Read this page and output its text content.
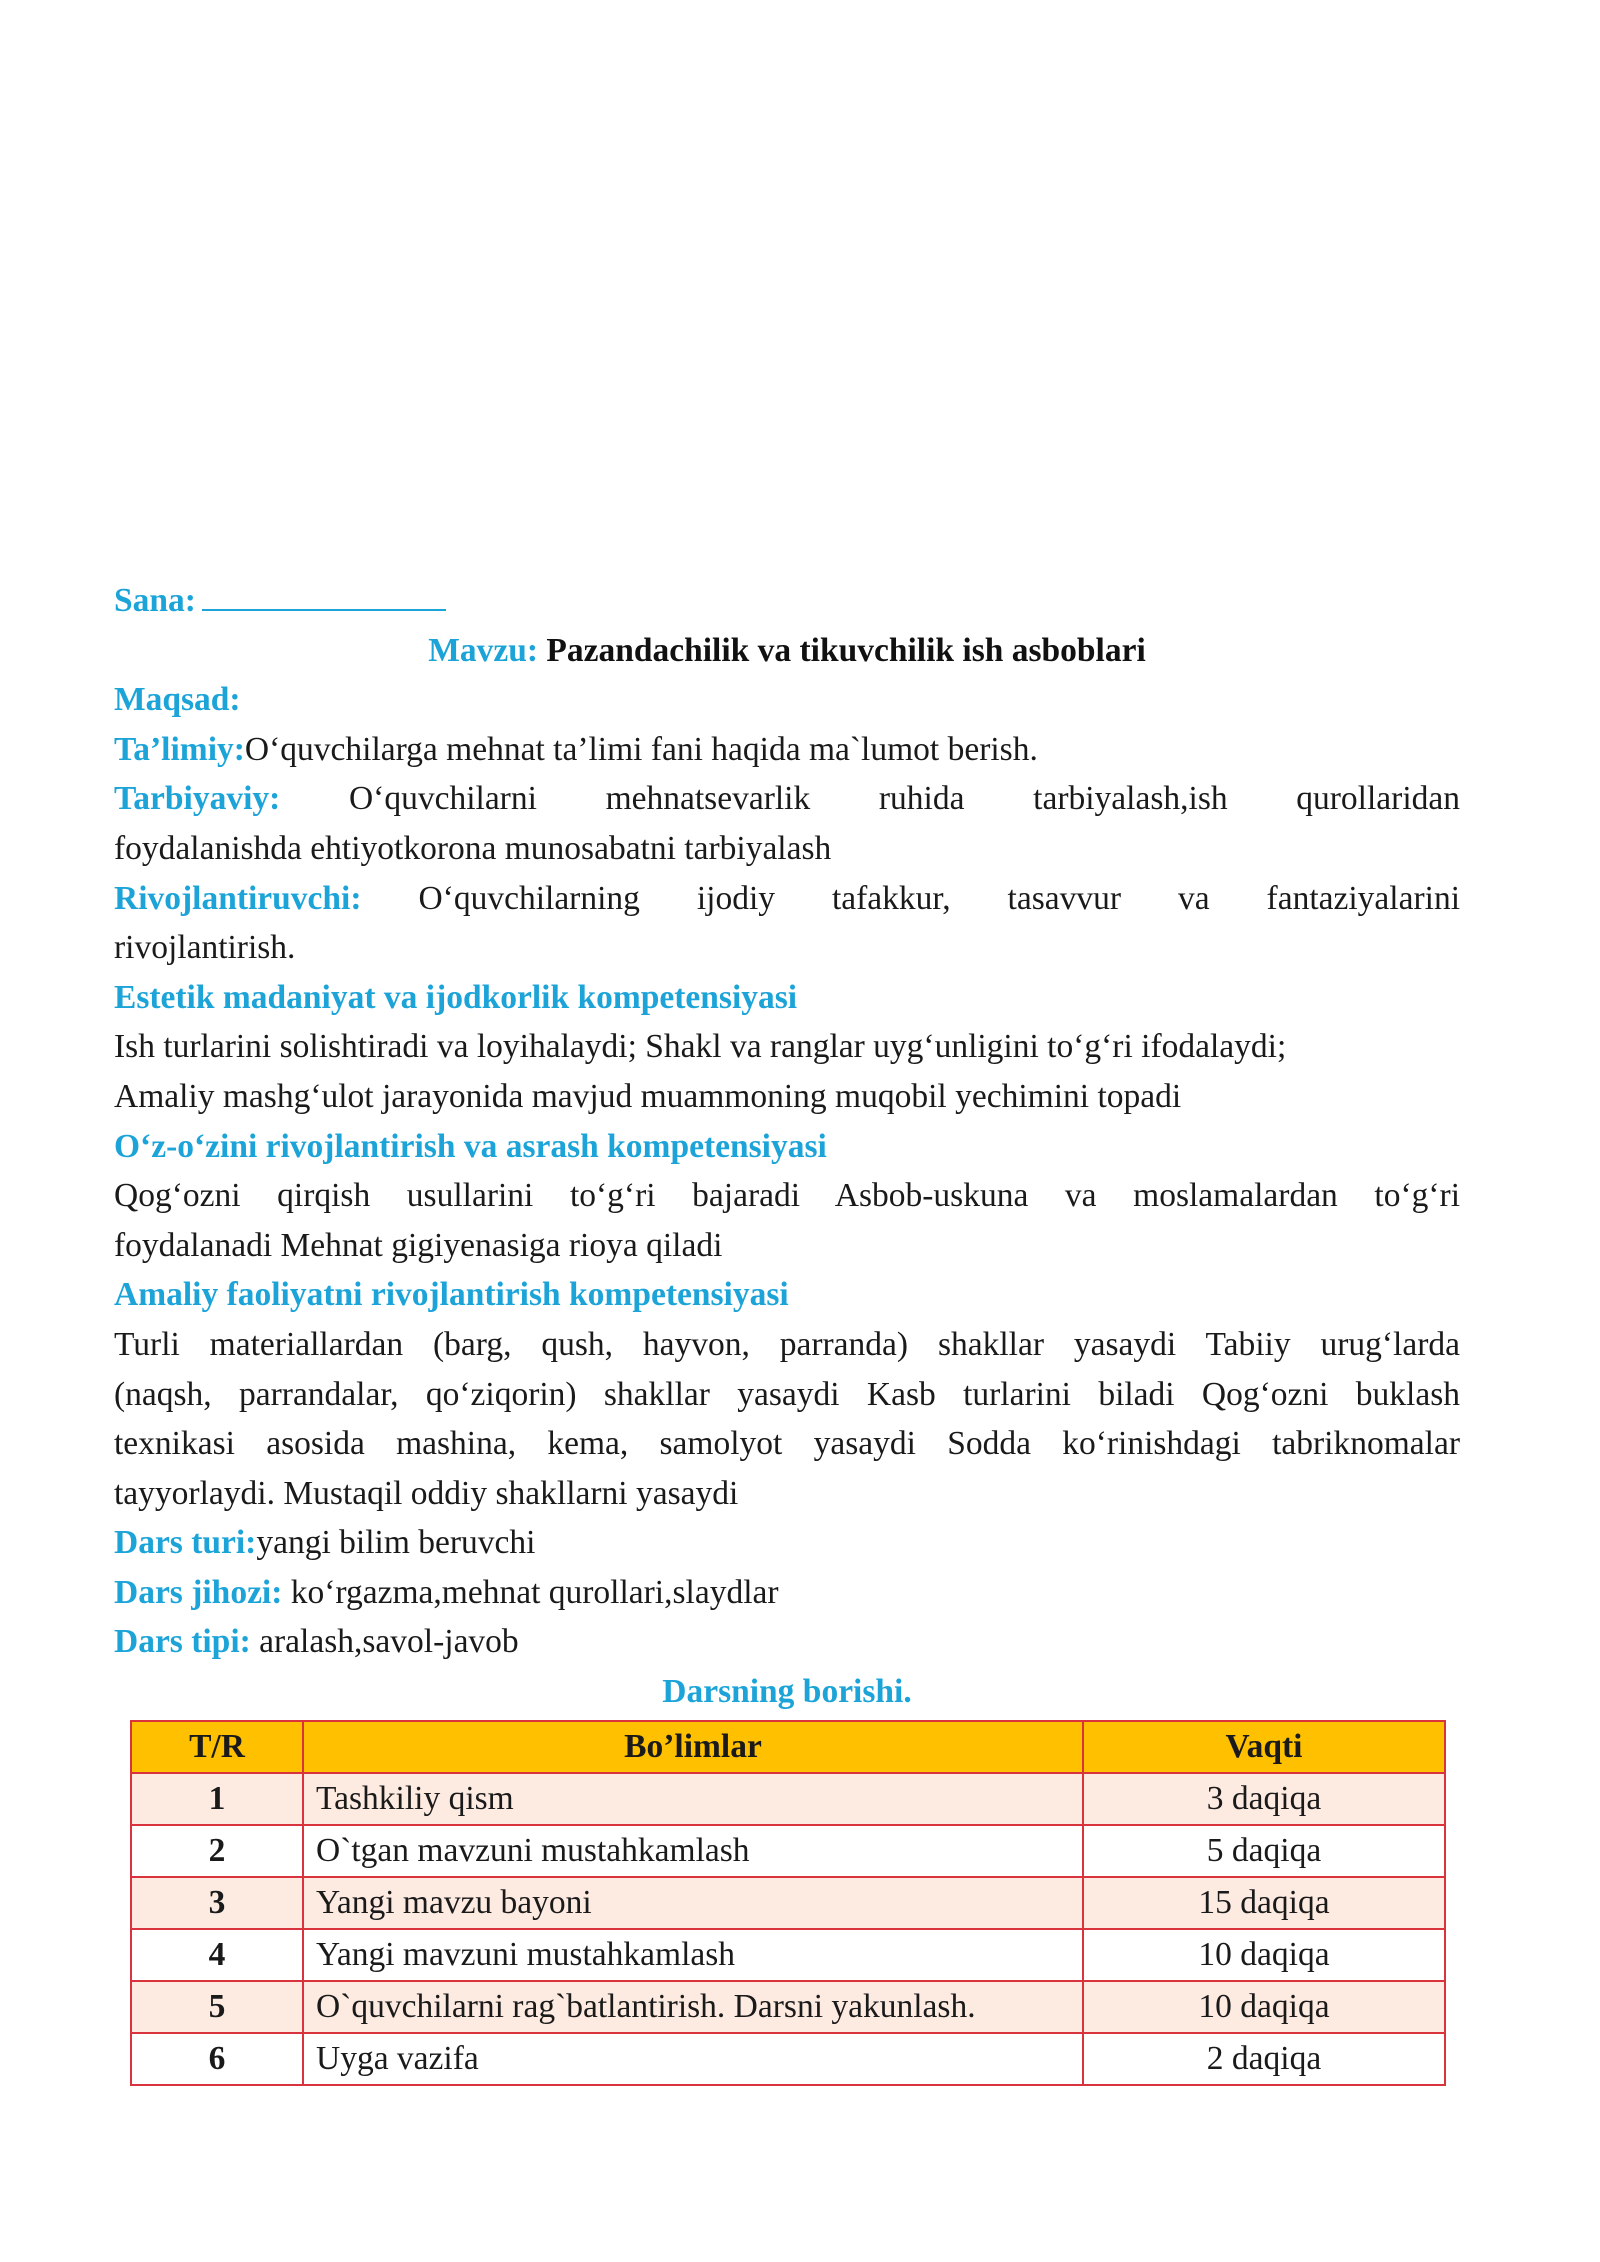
Sana:
Mavzu: Pazandachilik va tikuvchilik ish asboblari
Maqsad:
Ta’limiy:O‘quvchilarga mehnat ta’limi fani haqida ma`lumot berish.
Tarbiyaviy: O‘quvchilarni mehnatsevarlik ruhida tarbiyalash,ish qurollaridan
foydalanishda ehtiyotkorona munosabatni tarbiyalash
Rivojlantiruvchi: O‘quvchilarning ijodiy tafakkur, tasavvur va fantaziyalarini
rivojlantirish.
Estetik madaniyat va ijodkorlik kompetensiyasi
Ish turlarini solishtiradi va loyihalaydi; Shakl va ranglar uyg‘unligini to‘g‘ri ifodalaydi;
Amaliy mashg‘ulot jarayonida mavjud muammoning muqobil yechimini topadi
O‘z-o‘zini rivojlantirish va asrash kompetensiyasi
Qog‘ozni qirqish usullarini to‘g‘ri bajaradi Asbob-uskuna va moslamalardan to‘g‘ri
foydalanadi Mehnat gigiyenasiga rioya qiladi
Amaliy faoliyatni rivojlantirish kompetensiyasi
Turli materiallardan (barg, qush, hayvon, parranda) shakllar yasaydi Tabiiy urug‘larda
(naqsh, parrandalar, qo‘ziqorin) shakllar yasaydi Kasb turlarini biladi Qog‘ozni buklash
texnikasi asosida mashina, kema, samolyot yasaydi Sodda ko‘rinishdagi tabriknomalar
tayyorlaydi. Mustaqil oddiy shakllarni yasaydi
Dars turi:yangi bilim beruvchi
Dars jihozi: ko‘rgazma,mehnat qurollari,slaydlar
Dars tipi: aralash,savol-javob
Darsning borishi.
T/R	Bo’limlar	Vaqti
1	Tashkiliy qism	3 daqiqa
2	O`tgan mavzuni mustahkamlash	5 daqiqa
3	Yangi mavzu bayoni	15 daqiqa
4	Yangi mavzuni mustahkamlash	10 daqiqa
5	O`quvchilarni rag`batlantirish. Darsni yakunlash.	10 daqiqa
6	Uyga vazifa	2 daqiqa
